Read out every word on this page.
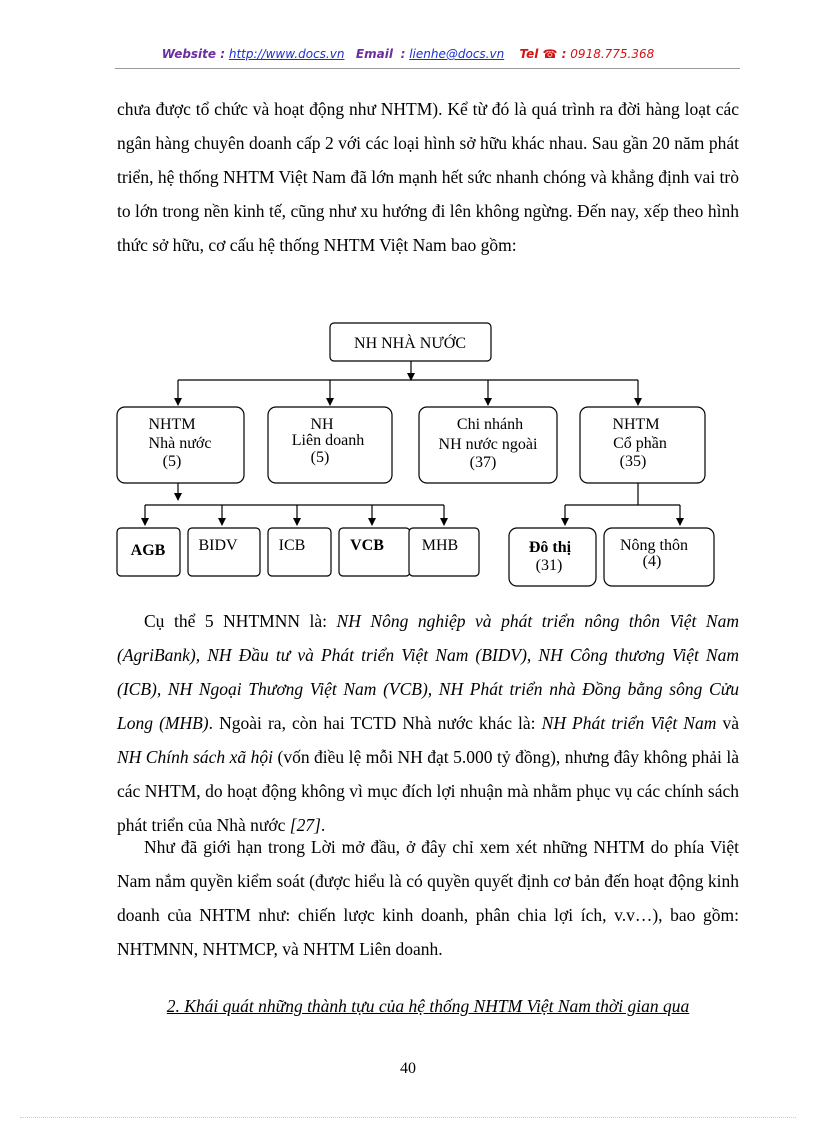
Website : http://www.docs.vn Email : lienhe@docs.vn Tel ☎ : 0918.775.368
chưa được tổ chức và hoạt động như NHTM). Kể từ đó là quá trình ra đời hàng loạt các ngân hàng chuyên doanh cấp 2 với các loại hình sở hữu khác nhau. Sau gần 20 năm phát triển, hệ thống NHTM Việt Nam đã lớn mạnh hết sức nhanh chóng và khẳng định vai trò to lớn trong nền kinh tế, cũng như xu hướng đi lên không ngừng. Đến nay, xếp theo hình thức sở hữu, cơ cấu hệ thống NHTM Việt Nam bao gồm:
NH NHÀ NƯỚC
NHTM
Nhà nước
(5)
NH
Liên doanh
(5)
Chi nhánh
NH nước ngoài
(37)
NHTM
Cổ phần
(35)
AGB BIDV	ICB	VCB MHB	Đô thị
(31)
Nông thôn
(4)
Cụ thể 5 NHTMNN là: NH Nông nghiệp và phát triển nông thôn Việt Nam (AgriBank), NH Đầu tư và Phát triển Việt Nam (BIDV), NH Công thương Việt Nam (ICB), NH Ngoại Thương Việt Nam (VCB), NH Phát triển nhà Đồng bằng sông Cửu Long (MHB). Ngoài ra, còn hai TCTD Nhà nước khác là: NH Phát triển Việt Nam và NH Chính sách xã hội (vốn điều lệ mỗi NH đạt 5.000 tỷ đồng), nhưng đây không phải là các NHTM, do hoạt động không vì mục đích lợi nhuận mà nhằm phục vụ các chính sách phát triển của Nhà nước [27].
Như đã giới hạn trong Lời mở đầu, ở đây chỉ xem xét những NHTM do phía Việt Nam nắm quyền kiểm soát (được hiểu là có quyền quyết định cơ bản đến hoạt động kinh doanh của NHTM như: chiến lược kinh doanh, phân chia lợi ích, v.v…), bao gồm: NHTMNN, NHTMCP, và NHTM Liên doanh.
2. Khái quát những thành tựu của hệ thống NHTM Việt Nam thời gian qua
40
